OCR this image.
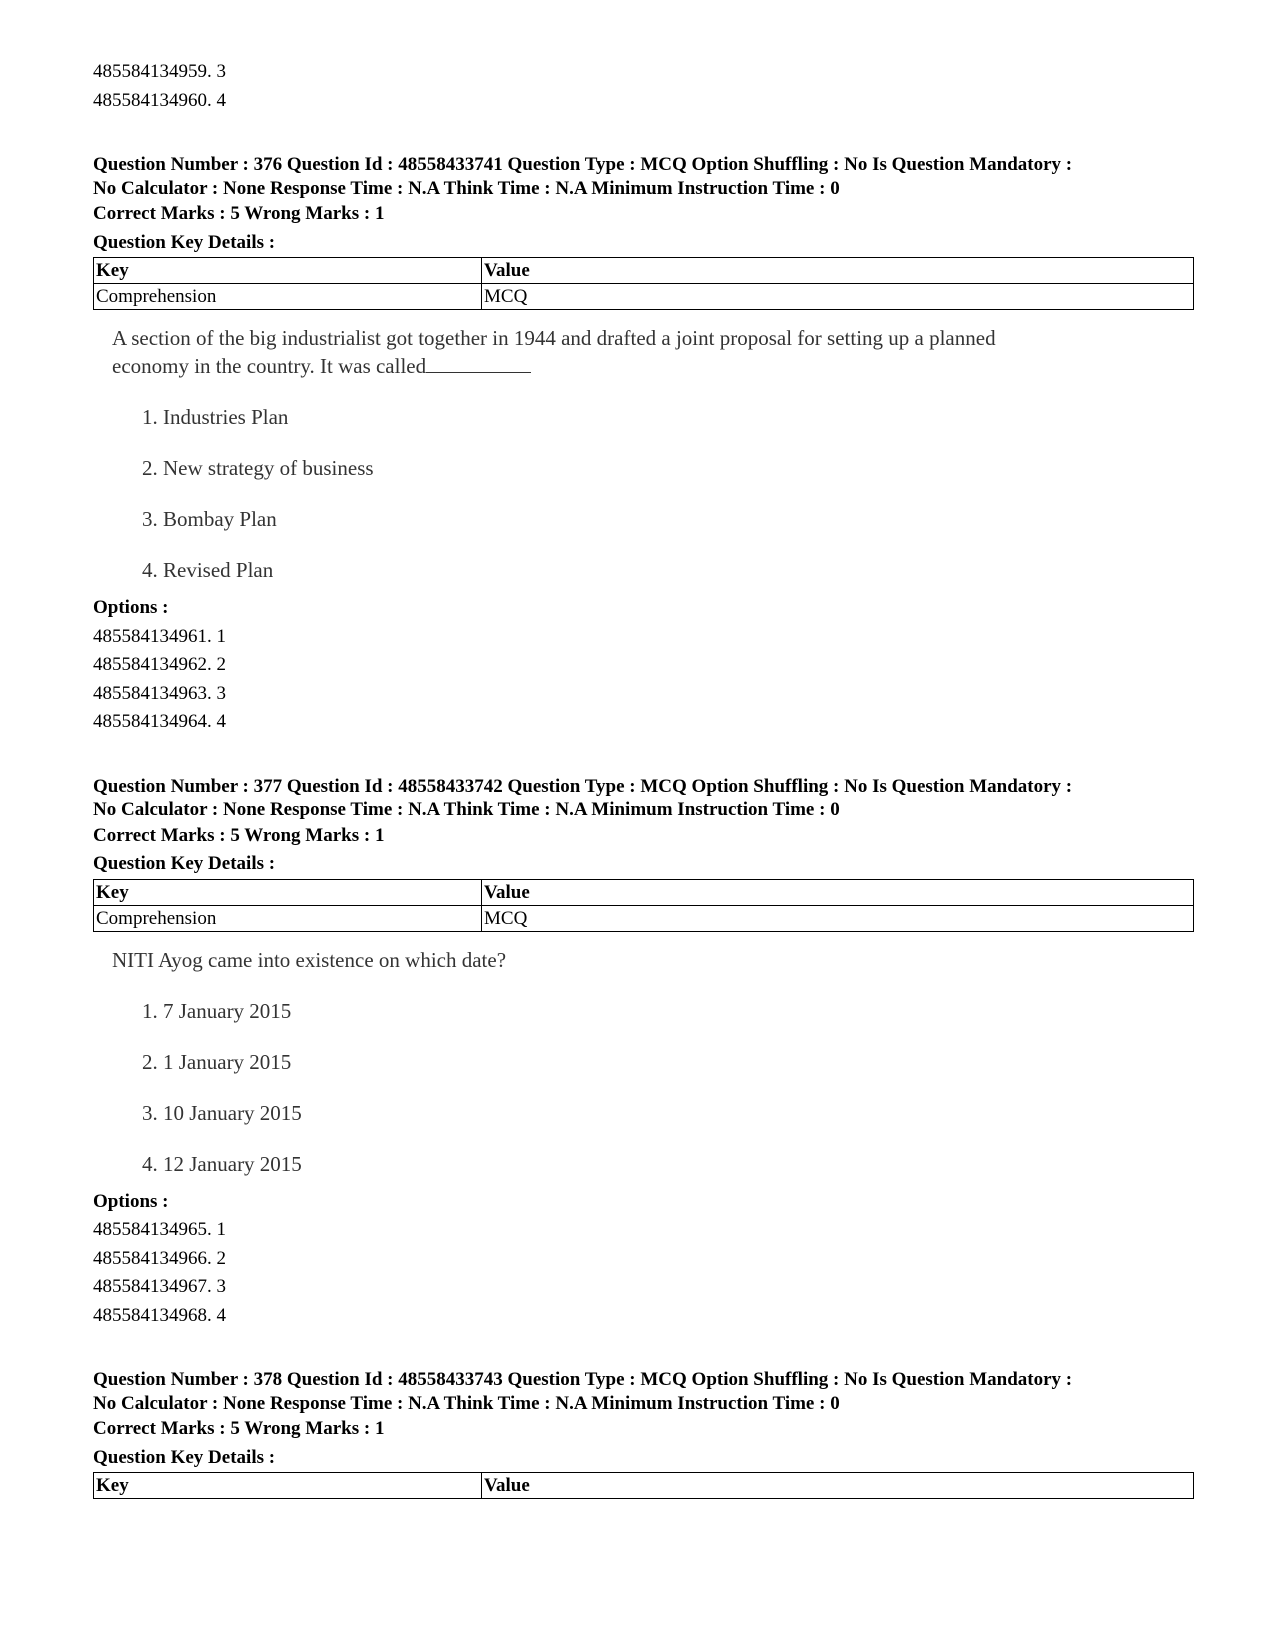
485584134959. 3
485584134960. 4
Question Number : 376 Question Id : 48558433741 Question Type : MCQ Option Shuffling : No Is Question Mandatory :
No Calculator : None Response Time : N.A Think Time : N.A Minimum Instruction Time : 0
Correct Marks : 5 Wrong Marks : 1
Question Key Details :
Key	Value
Comprehension	MCQ
A section of the big industrialist got together in 1944 and drafted a joint proposal for setting up a planned
economy in the country. It was called
1. Industries Plan
2. New strategy of business
3. Bombay Plan
4. Revised Plan
Options :
485584134961. 1
485584134962. 2
485584134963. 3
485584134964. 4
Question Number : 377 Question Id : 48558433742 Question Type : MCQ Option Shuffling : No Is Question Mandatory :
No Calculator : None Response Time : N.A Think Time : N.A Minimum Instruction Time : 0
Correct Marks : 5 Wrong Marks : 1
Question Key Details :
Key	Value
Comprehension	MCQ
NITI Ayog came into existence on which date?
1. 7 January 2015
2. 1 January 2015
3. 10 January 2015
4. 12 January 2015
Options :
485584134965. 1
485584134966. 2
485584134967. 3
485584134968. 4
Question Number : 378 Question Id : 48558433743 Question Type : MCQ Option Shuffling : No Is Question Mandatory :
No Calculator : None Response Time : N.A Think Time : N.A Minimum Instruction Time : 0
Correct Marks : 5 Wrong Marks : 1
Question Key Details :
Key	Value
